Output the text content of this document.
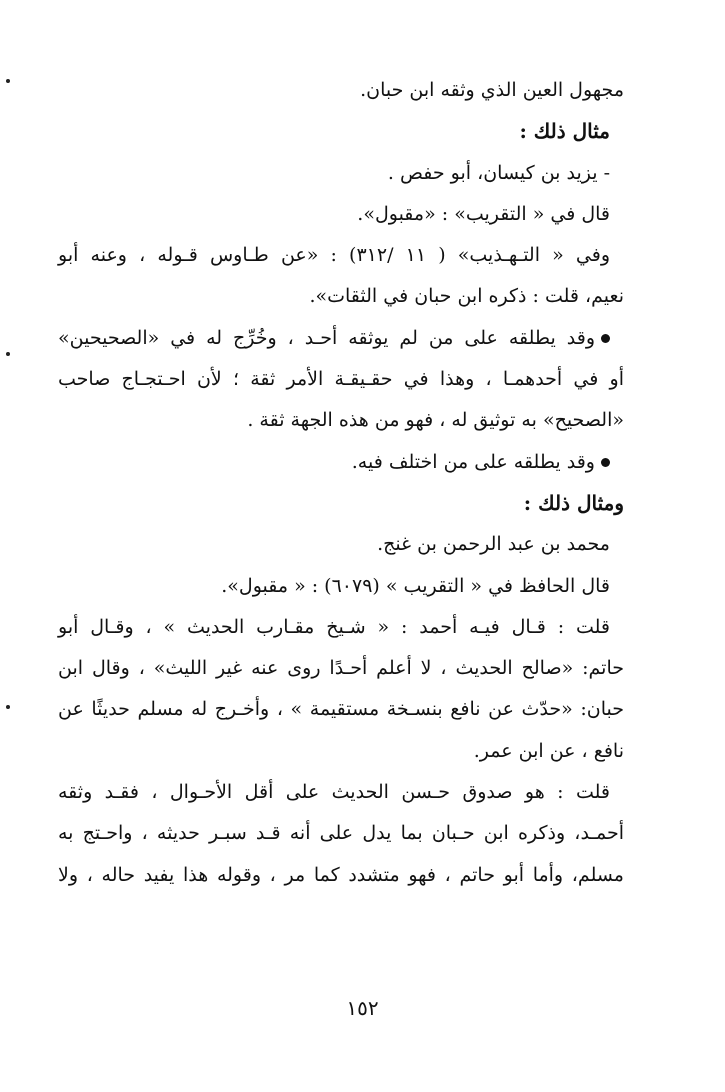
مجهول العين الذي وثقه ابن حبان.
مثال ذلك :
- يزيد بن كيسان، أبو حفص .
قال في « التقريب» : «مقبول».
وفي « التـهـذيب» ( ١١ /٣١٢) : «عن طـاوس قـوله ، وعنه أبو
نعيم، قلت : ذكره ابن حبان في الثقات».
وقد يطلقه على من لم يوثقه أحـد ، وخُرِّج له في «الصحيحين»
أو في أحدهمـا ، وهذا في حقـيقـة الأمر ثقة ؛ لأن احـتجـاج صاحب
«الصحيح» به توثيق له ، فهو من هذه الجهة ثقة .
وقد يطلقه على من اختلف فيه.
ومثال ذلك :
محمد بن عبد الرحمن بن غنج.
قال الحافظ في « التقريب » (٦٠٧٩) : « مقبول».
قلت : قـال فيـه أحمد : « شـيخ مقـارب الحديث » ، وقـال أبو
حاتم: «صالح الحديث ، لا أعلم أحـدًا روى عنه غير الليث» ، وقال ابن
حبان: «حدّث عن نافع بنسـخة مستقيمة » ، وأخـرج له مسلم حديثًا عن
نافع ، عن ابن عمر.
قلت : هو صدوق حـسن الحديث على أقل الأحـوال ، فقـد وثقه
أحمـد، وذكره ابن حـبان بما يدل على أنه قـد سبـر حديثه ، واحـتج به
مسلم، وأما أبو حاتم ، فهو متشدد كما مر ، وقوله هذا يفيد حاله ، ولا
١٥٢
